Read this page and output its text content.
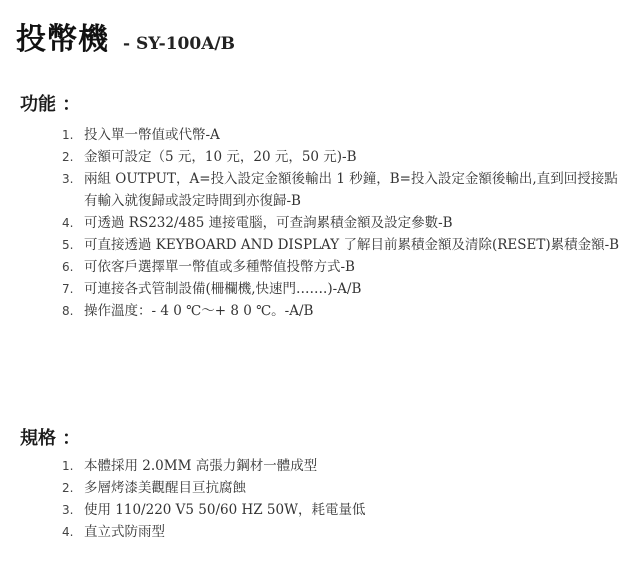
投幣機 - SY-100A/B
功能 ：
1. 投入單一幣值或代幣-A
2. 金額可設定（5 元，10 元，20 元，50 元)-B
3. 兩組 OUTPUT，A=投入設定金額後輸出 1 秒鐘，B=投入設定金額後輸出,直到回授接點有輸入就復歸或設定時間到亦復歸-B
4. 可透過 RS232/485 連接電腦，可查詢累積金額及設定參數-B
5. 可直接透過 KEYBOARD AND DISPLAY 了解目前累積金額及清除(RESET)累積金額-B
6. 可依客戶選擇單一幣值或多種幣值投幣方式-B
7. 可連接各式管制設備(柵欄機,快速門…….)-A/B
8. 操作溫度：- 4 0 ℃～+ 8 0 ℃。-A/B
規格 ：
1. 本體採用 2.0MM 高張力鋼材一體成型
2. 多層烤漆美觀醒目亘抗腐蝕
3. 使用 110/220 V5 50/60 HZ 50W，耗電量低
4. 直立式防雨型
